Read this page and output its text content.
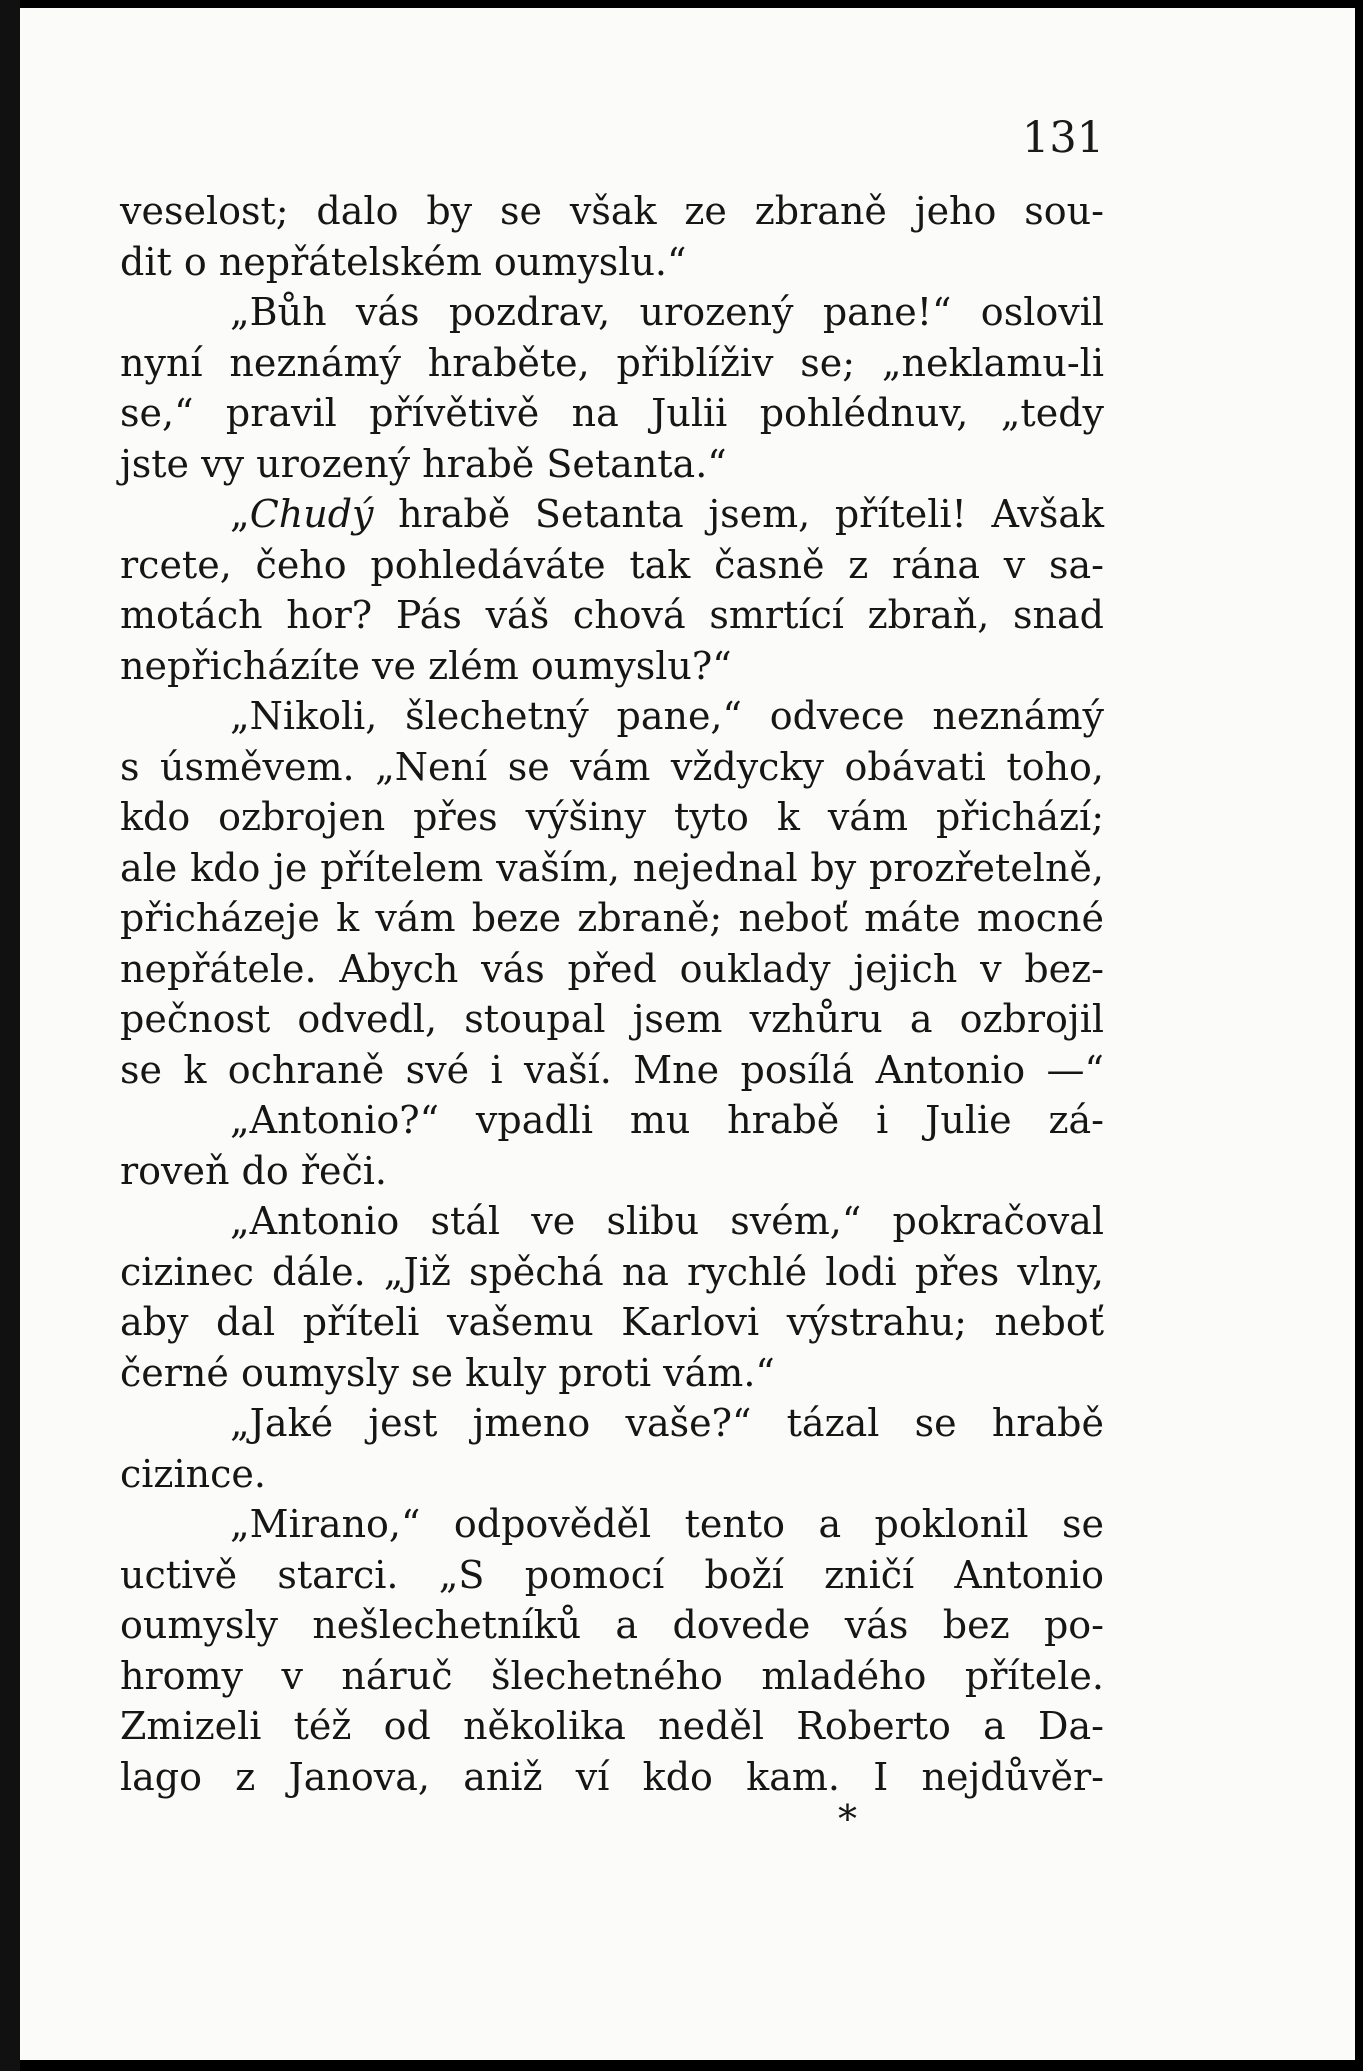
131
veselost; dalo by se však ze zbraně jeho sou-
dit o nepřátelském oumyslu.“
„Bůh vás pozdrav, urozený pane!“ oslovil
nyní neznámý hraběte, přiblíživ se; „neklamu-li
se,“ pravil přívětivě na Julii pohlédnuv, „tedy
jste vy urozený hrabě Setanta.“
„Chudý hrabě Setanta jsem, příteli! Avšak
rcete, čeho pohledáváte tak časně z rána v sa-
motách hor? Pás váš chová smrtící zbraň, snad
nepřicházíte ve zlém oumyslu?“
„Nikoli, šlechetný pane,“ odvece neznámý
s úsměvem. „Není se vám vždycky obávati toho,
kdo ozbrojen přes výšiny tyto k vám přichází;
ale kdo je přítelem vaším, nejednal by prozřetelně,
přicházeje k vám beze zbraně; neboť máte mocné
nepřátele. Abych vás před ouklady jejich v bez-
pečnost odvedl, stoupal jsem vzhůru a ozbrojil
se k ochraně své i vaší. Mne posílá Antonio —“
„Antonio?“ vpadli mu hrabě i Julie zá-
roveň do řeči.
„Antonio stál ve slibu svém,“ pokračoval
cizinec dále. „Již spěchá na rychlé lodi přes vlny,
aby dal příteli vašemu Karlovi výstrahu; neboť
černé oumysly se kuly proti vám.“
„Jaké jest jmeno vaše?“ tázal se hrabě
cizince.
„Mirano,“ odpověděl tento a poklonil se
uctivě starci. „S pomocí boží zničí Antonio
oumysly nešlechetníků a dovede vás bez po-
hromy v náruč šlechetného mladého přítele.
Zmizeli též od několika neděl Roberto a Da-
lago z Janova, aniž ví kdo kam. I nejdůvěr-
*
